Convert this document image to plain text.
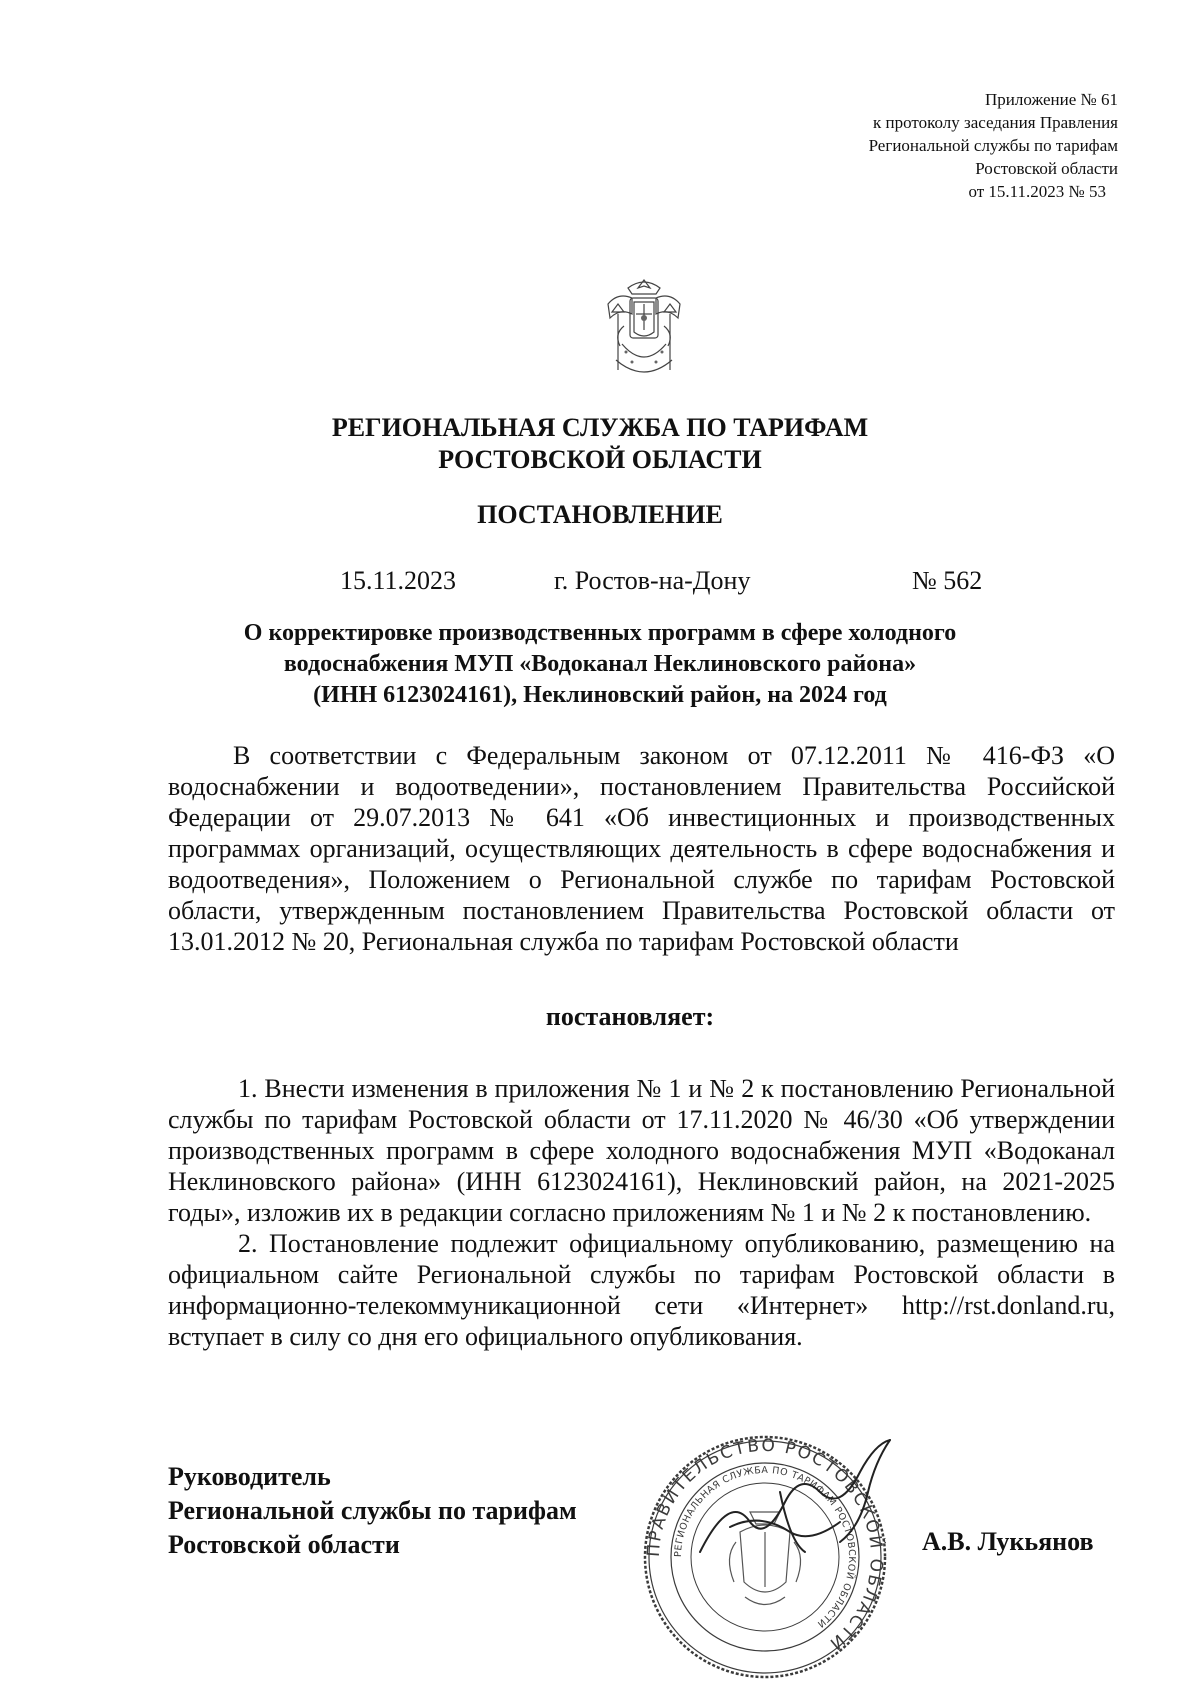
Приложение № 61
к протоколу заседания Правления
Региональной службы по тарифам
Ростовской области
от 15.11.2023 № 53
РЕГИОНАЛЬНАЯ СЛУЖБА ПО ТАРИФАМ
РОСТОВСКОЙ ОБЛАСТИ
ПОСТАНОВЛЕНИЕ
15.11.2023	г. Ростов-на-Дону	№ 562
О корректировке производственных программ в сфере холодного
водоснабжения МУП «Водоканал Неклиновского района»
(ИНН 6123024161), Неклиновский район, на 2024 год

В соответствии с Федеральным законом от 07.12.2011 № 416-ФЗ «О водоснабжении и водоотведении», постановлением Правительства Российской Федерации от 29.07.2013 № 641 «Об инвестиционных и производственных программах организаций, осуществляющих деятельность в сфере водоснабжения и водоотведения», Положением о Региональной службе по тарифам Ростовской области, утвержденным постановлением Правительства Ростовской области от 13.01.2012 № 20, Региональная служба по тарифам Ростовской области

постановляет:

1. Внести изменения в приложения № 1 и № 2 к постановлению Региональной службы по тарифам Ростовской области от 17.11.2020 № 46/30 «Об утверждении производственных программ в сфере холодного водоснабжения МУП «Водоканал Неклиновского района» (ИНН 6123024161), Неклиновский район, на 2021-2025 годы», изложив их в редакции согласно приложениям № 1 и № 2 к постановлению.

2. Постановление подлежит официальному опубликованию, размещению на официальном сайте Региональной службы по тарифам Ростовской области в информационно-телекоммуникационной сети «Интернет» http://rst.donland.ru, вступает в силу со дня его официального опубликования.

Руководитель
Региональной службы по тарифам
Ростовской области	ПРАВИТЕЛЬСТВО РОСТОВСКОЙ ОБЛАСТИ
РЕГИОНАЛЬНАЯ СЛУЖБА ПО ТАРИФАМ РОСТОВСКОЙ ОБЛАСТИ
А.В. Лукьянов
